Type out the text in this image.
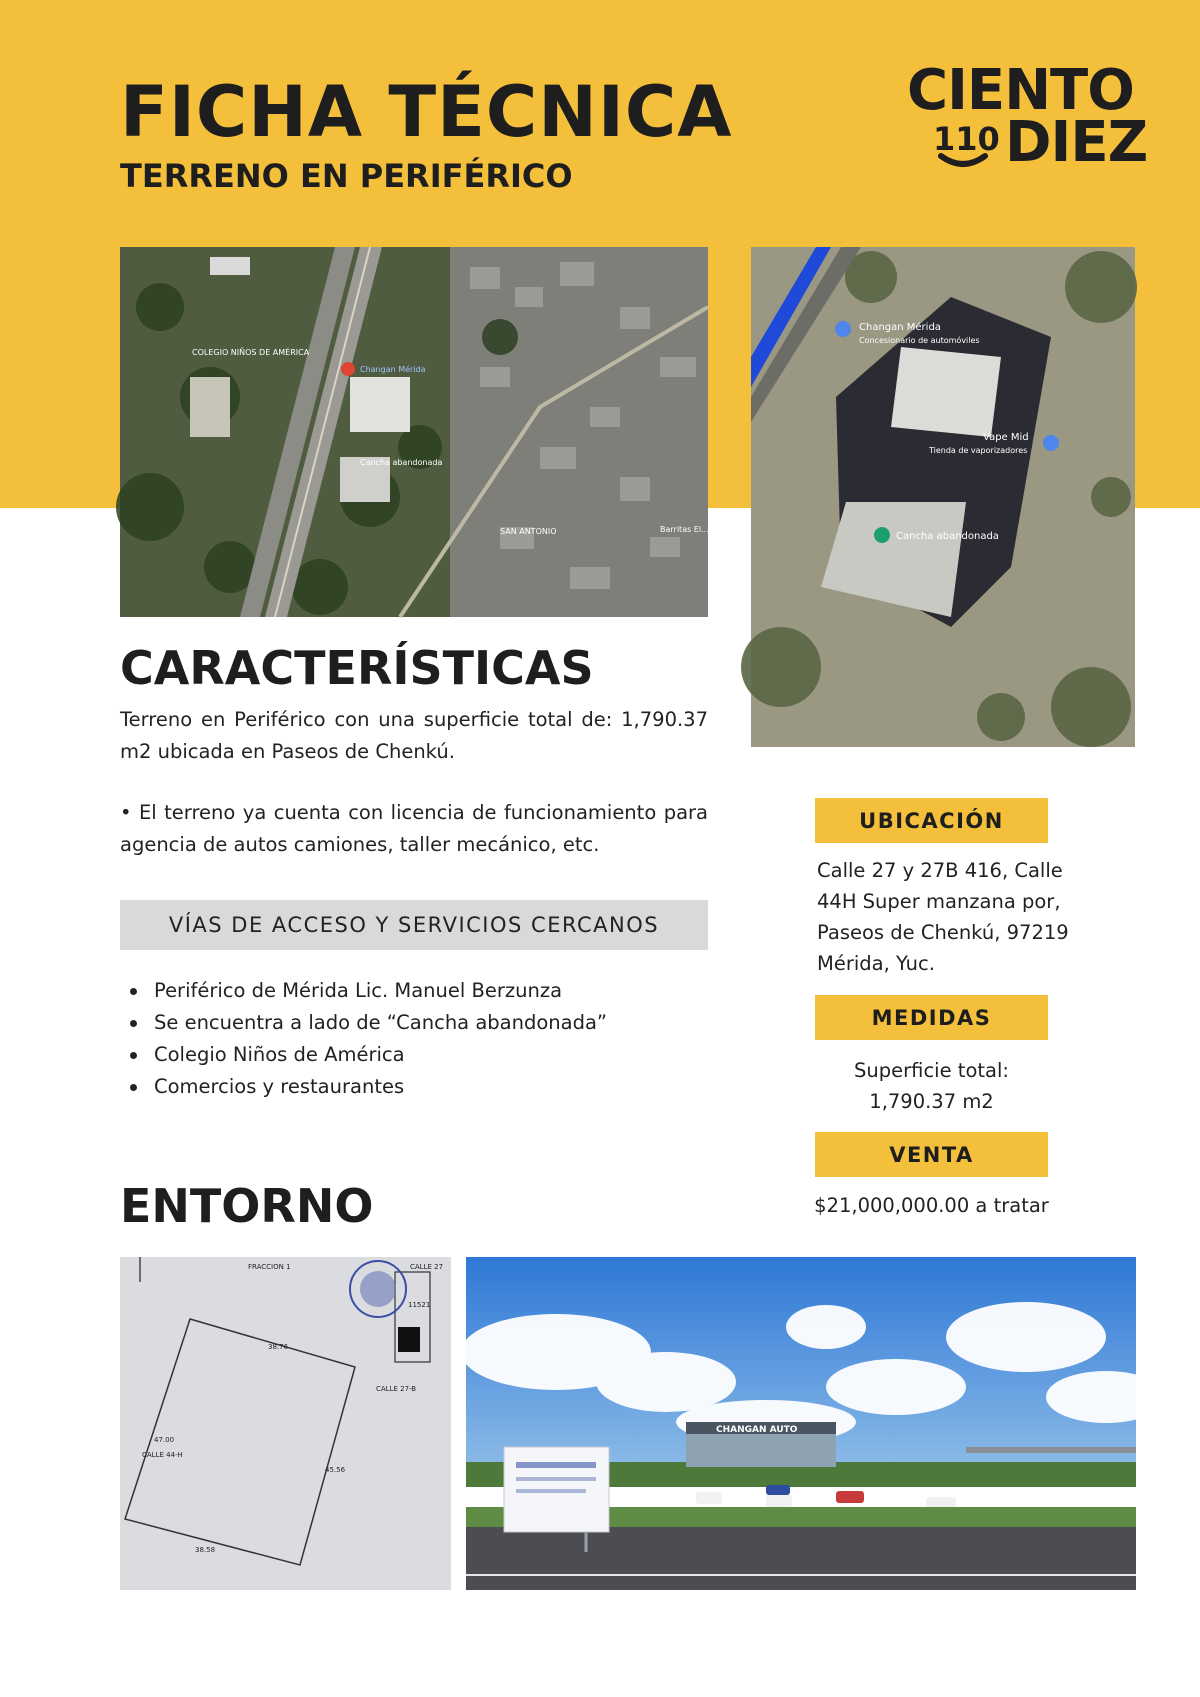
FICHA TÉCNICA
TERRENO EN PERIFÉRICO
CIENTO
110 DIEZ
COLEGIO NIÑOS DE AMÉRICA
Changan Mérida
Cancha abandonada
SAN ANTONIO	Barritas El...
Changan Mérida
Concesionario de automóviles
Vape Mid
Tienda de vaporizadores
Cancha abandonada
CARACTERÍSTICAS

Terreno en Periférico con una superficie total de: 1,790.37 m2 ubicada en Paseos de Chenkú.

• El terreno ya cuenta con licencia de funcionamiento para agencia de autos camiones, taller mecánico, etc.

VÍAS DE ACCESO Y SERVICIOS CERCANOS
Periférico de Mérida Lic. Manuel Berzunza
Se encuentra a lado de “Cancha abandonada”
Colegio Niños de América
Comercios y restaurantes
UBICACIÓN
Calle 27 y 27B 416, Calle
44H Super manzana por,
Paseos de Chenkú, 97219
Mérida, Yuc.
MEDIDAS
Superficie total:
1,790.37 m2
VENTA
$21,000,000.00 a tratar
ENTORNO
FRACCION 1	CALLE 27
CALLE 44-H
CALLE 27-B
38.76
47.00
45.56
38.58
11521
CHANGAN AUTO
